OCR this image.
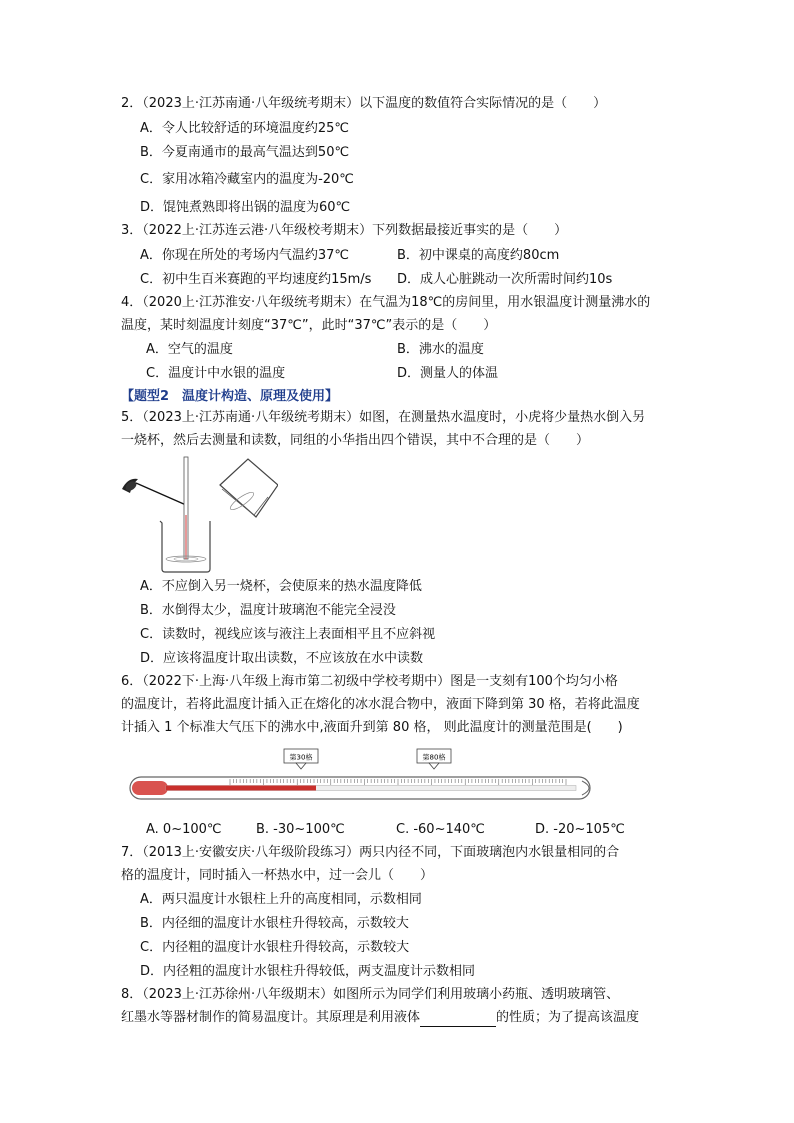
2．（2023上·江苏南通·八年级统考期末）以下温度的数值符合实际情况的是（　　）
A．令人比较舒适的环境温度约25℃
B．今夏南通市的最高气温达到50℃
C．家用冰箱冷藏室内的温度为-20℃
D．馄饨煮熟即将出锅的温度为60℃
3．（2022上·江苏连云港·八年级校考期末）下列数据最接近事实的是（　　）
A．你现在所处的考场内气温约37℃	B．初中课桌的高度约80cm
C．初中生百米赛跑的平均速度约15m/s D．成人心脏跳动一次所需时间约10s
4．（2020上·江苏淮安·八年级统考期末）在气温为18℃的房间里，用水银温度计测量沸水的
温度，某时刻温度计刻度“37℃”，此时“37℃”表示的是（　　）
A．空气的温度	B．沸水的温度
C．温度计中水银的温度	D．测量人的体温
【题型2　温度计构造、原理及使用】
5．（2023上·江苏南通·八年级统考期末）如图，在测量热水温度时，小虎将少量热水倒入另
一烧杯，然后去测量和读数，同组的小华指出四个错误，其中不合理的是（　　）
A．不应倒入另一烧杯，会使原来的热水温度降低
B．水倒得太少，温度计玻璃泡不能完全浸没
C．读数时，视线应该与液注上表面相平且不应斜视
D．应该将温度计取出读数，不应该放在水中读数
6．（2022下·上海·八年级上海市第二初级中学校考期中）图是一支刻有100个均匀小格
的温度计，若将此温度计插入正在熔化的冰水混合物中，液面下降到第 30 格，若将此温度
计插入 1 个标准大气压下的沸水中,液面升到第 80 格， 则此温度计的测量范围是(　　)
第30格	第80格
A. 0~100℃	B. -30~100℃	C. -60~140℃	D. -20~105℃
7．（2013上·安徽安庆·八年级阶段练习）两只内径不同，下面玻璃泡内水银量相同的合
格的温度计，同时插入一杯热水中，过一会儿（　　）
A．两只温度计水银柱上升的高度相同，示数相同
B．内径细的温度计水银柱升得较高，示数较大
C．内径粗的温度计水银柱升得较高，示数较大
D．内径粗的温度计水银柱升得较低，两支温度计示数相同
8．（2023上·江苏徐州·八年级期末）如图所示为同学们利用玻璃小药瓶、透明玻璃管、
红墨水等器材制作的简易温度计。其原理是利用液体	的性质；为了提高该温度
